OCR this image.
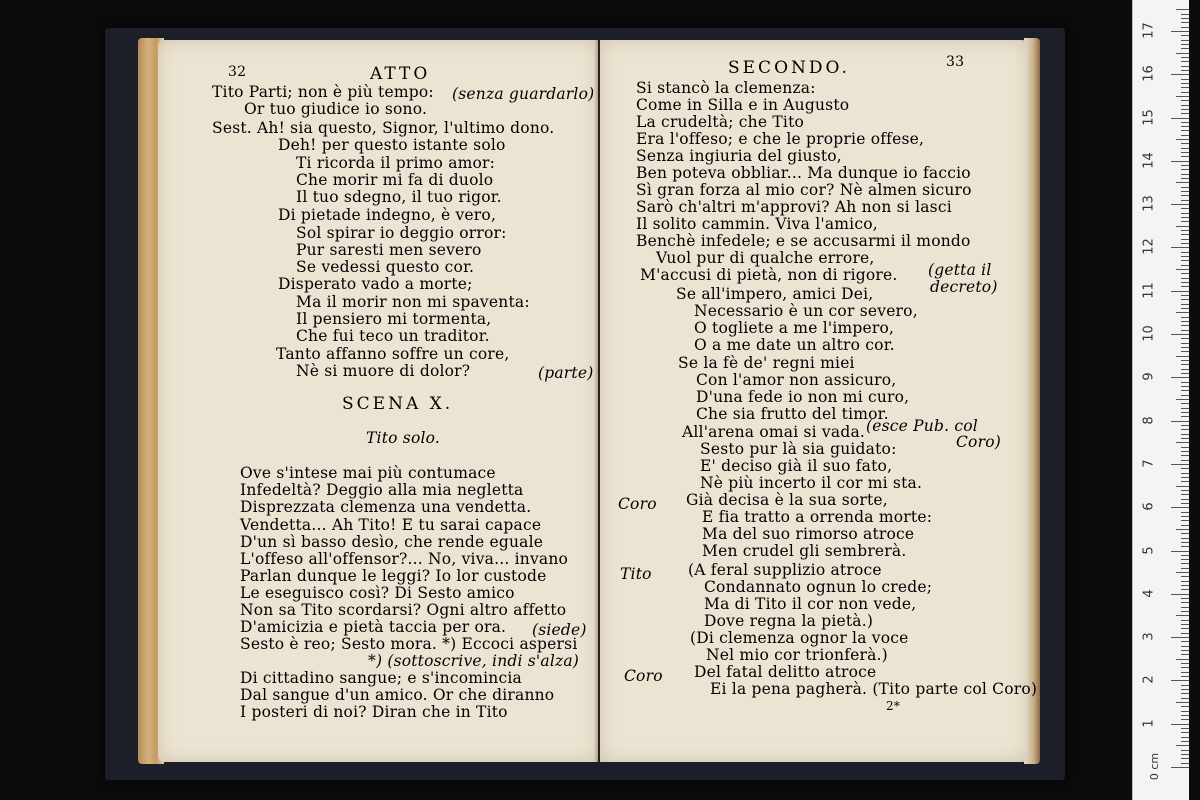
32	ATTO
Tito Parti; non è più tempo: (senza guardarlo)
Or tuo giudice io sono.
Sest. Ah! sia questo, Signor, l'ultimo dono.
Deh! per questo istante solo
Ti ricorda il primo amor:
Che morir mi fa di duolo
Il tuo sdegno, il tuo rigor.
Di pietade indegno, è vero,
Sol spirar io deggio orror:
Pur saresti men severo
Se vedessi questo cor.
Disperato vado a morte;
Ma il morir non mi spaventa:
Il pensiero mi tormenta,
Che fui teco un traditor.
Tanto affanno soffre un core,
Nè si muore di dolor?	(parte)
SCENA X.
Tito solo.
Ove s'intese mai più contumace
Infedeltà? Deggio alla mia negletta
Disprezzata clemenza una vendetta.
Vendetta... Ah Tito! E tu sarai capace
D'un sì basso desìo, che rende eguale
L'offeso all'offensor?... No, viva... invano
Parlan dunque le leggi? Io lor custode
Le eseguisco così? Di Sesto amico
Non sa Tito scordarsi? Ogni altro affetto
D'amicizia e pietà taccia per ora. (siede)
Sesto è reo; Sesto mora. *) Eccoci aspersi
*) (sottoscrive, indi s'alza)
Di cittadino sangue; e s'incomincia
Dal sangue d'un amico. Or che diranno
I posteri di noi? Diran che in Tito
SECONDO.	33
Si stancò la clemenza:
Come in Silla e in Augusto
La crudeltà; che Tito
Era l'offeso; e che le proprie offese,
Senza ingiuria del giusto,
Ben poteva obbliar... Ma dunque io faccio
Sì gran forza al mio cor? Nè almen sicuro
Sarò ch'altri m'approvi? Ah non si lasci
Il solito cammin. Viva l'amico,
Benchè infedele; e se accusarmi il mondo
Vuol pur di qualche errore,
M'accusi di pietà, non di rigore. (getta il
decreto)
Se all'impero, amici Dei,
Necessario è un cor severo,
O togliete a me l'impero,
O a me date un altro cor.
Se la fè de' regni miei
Con l'amor non assicuro,
D'una fede io non mi curo,
Che sia frutto del timor.
All'arena omai si vada. (esce Pub. col
Coro)
Sesto pur là sia guidato:
E' deciso già il suo fato,
Nè più incerto il cor mi sta.
Coro Già decisa è la sua sorte,
E fia tratto a orrenda morte:
Ma del suo rimorso atroce
Men crudel gli sembrerà.
Tito (A feral supplizio atroce
Condannato ognun lo crede;
Ma di Tito il cor non vede,
Dove regna la pietà.)
(Di clemenza ognor la voce
Nel mio cor trionferà.)
Coro Del fatal delitto atroce
Ei la pena pagherà. (Tito parte col Coro)
2*
0 cm
1
2
3
4
5
6
7
8
9
10
11
12
13
14
15
16
17
